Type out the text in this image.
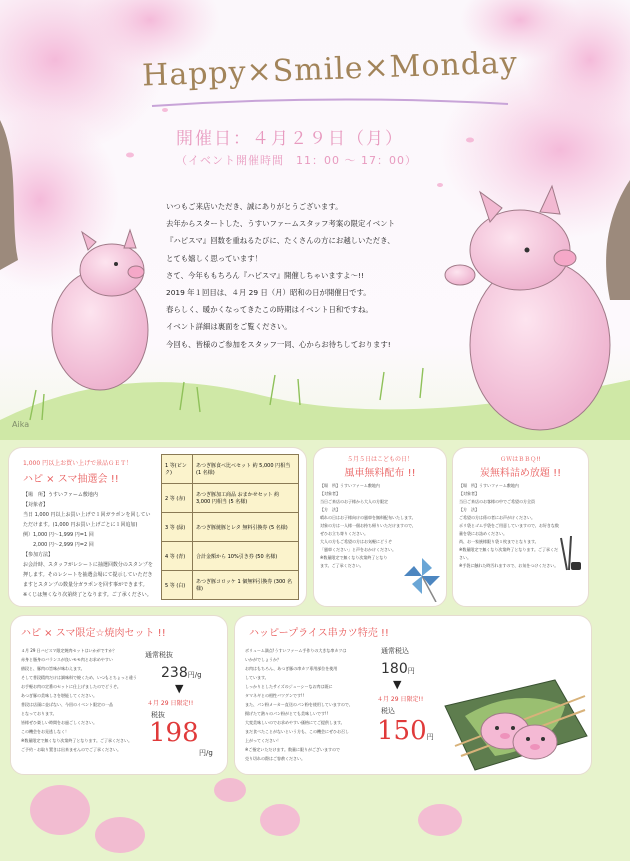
Happy×Smile×Monday
開催日：４月２９日（月）
（イベント開催時間　11：00 ～ 17：00）
Aika
いつもご来店いただき、誠にありがとうございます。
去年からスタートした、うすいファームスタッフ考案の限定イベント
『ハピスマ』回数を重ねるたびに、たくさんの方にお越しいただき、
とても嬉しく思っています！
さて、今年ももちろん『ハピスマ』開催しちゃいますよ～!!
2019 年１回目は、４月 29 日（月）昭和の日が開催日です。
春らしく、暖かくなってきたこの時期はイベント日和ですね。
イベント詳細は裏面をご覧ください。
今回も、皆様のご参加をスタッフ一同、心からお待ちしております!
1,000 円以上お買い上げで景品ＧＥＴ！
ハピ × スマ抽選会 !!
【場　所】うすいファーム敷地内
【対象者】
当日 1,000 円以上お買い上げで１回ガラポンを回していただけます。(1,000 円お買い上げごとに１回追加)
例）1,000 円～1,999 円=1 回
　　2,000 円～2,999 円=2 回
【参加方法】
お会計時、スタッフがレシートに抽選回数分のスタンプを押します。そのレシートを抽選会場にて提示していただきますとスタンプの数量分ガラポンを回す事ができます。
※くじは無くなり次第終了となります。ご了承ください。
1 等(ピンク)	あつぎ豚食べ比べセット 約 5,000 円相当 (1 名様)
2 等 (赤)	あつぎ豚加工商品 おまかせセット 約 3,000 円相当 (5 名様)
3 等 (緑)	あつぎ豚焼豚とレタ 無料引換券 (5 名様)
4 等 (青)	合計金額から 10%引き券 (50 名様)
5 等 (白)	あつぎ豚コロッケ 1 個無料引換券 (300 名様)
５月５日はこどもの日！
風車無料配布 !!
【場　所】うすいファーム敷地内
【対象者】
当日ご来店のお子様から大人の方限定
【方　法】
晴れの日はお子様向けの風車を無料配布いたします。
対象の方は一人様一個お持ち帰りいただけますので、
ぜひお立ち寄りください。
大人の方もご希望の方はお気軽にどうぞ
「風車ください」と声をおかけください。
※数量限定で無くなり次第終了となります。ご了承ください。
ＧＷはＢＢＱ!!
炭無料詰め放題 !!
【場　所】うすいファーム敷地内
【対象者】
当日ご来店のお客様の中でご希望の方全員
【方　法】
ご希望の方は係の者にお声がけください。
ポリ袋とゴム手袋をご用意していますので、お好きな数量を袋にお詰めください。
尚、お一家族様限り袋１枚までとなります。
※数量限定で無くなり次第終了となります。ご了承ください。
※手袋に触れた時汚れますので、お気をつけください。
ハピ × スマ限定☆焼肉セット !!
４月 29 日ハピスマ限定焼肉セットはいかがですか？
赤身と脂身のバランスが良いモモ肉とお求めやすい
値段と、豚肉の旨味が味わえます。
そして普段精肉だけは調味料で焼くため、いつもとちょっと違う
お手軽お肉の定番のセットに仕上げましたのでどうぞ。
あつぎ豚の美味しさを堪能してください。
普段は店頭に並ばない、今回のイベント限定の一品
となっております。
皆様ぜひ楽しい時間をお過ごしください。
この機会をお見逃しなく！
※数量限定で無くなり次第終了となります。ご了承ください。
ご予約・お取り置きは出来ませんのでご了承ください。
通常税抜
238円/g
▼
４月 29 日限定!!
税抜
198
円/g
ハッピープライス串カツ特売 !!
ボリューム満点!うすいファーム手作りの大きな串カツは
いかがでしょうか？
お肉はもちろん、あつぎ豚の串カツ専用部位を使用
しています。
しっかりとしたサイズのジューシーなお肉は既に
タマネギとの相性バツグンです!!
また、パン粉メーカー直送のパン粉を使用していますので、
揚げたて熱々のパン粉がとても美味しいです!!
大変美味しいのでお求めやすい価格にてご提供します。
まだ食べたことがないという方も、この機会にぜひお召し
上がってください！
※ご指定いただけます。数量に限りがございますので
売り切れの際はご容赦ください。
通常税込
180円
▼
４月 29 日限定!!
税込
150円
